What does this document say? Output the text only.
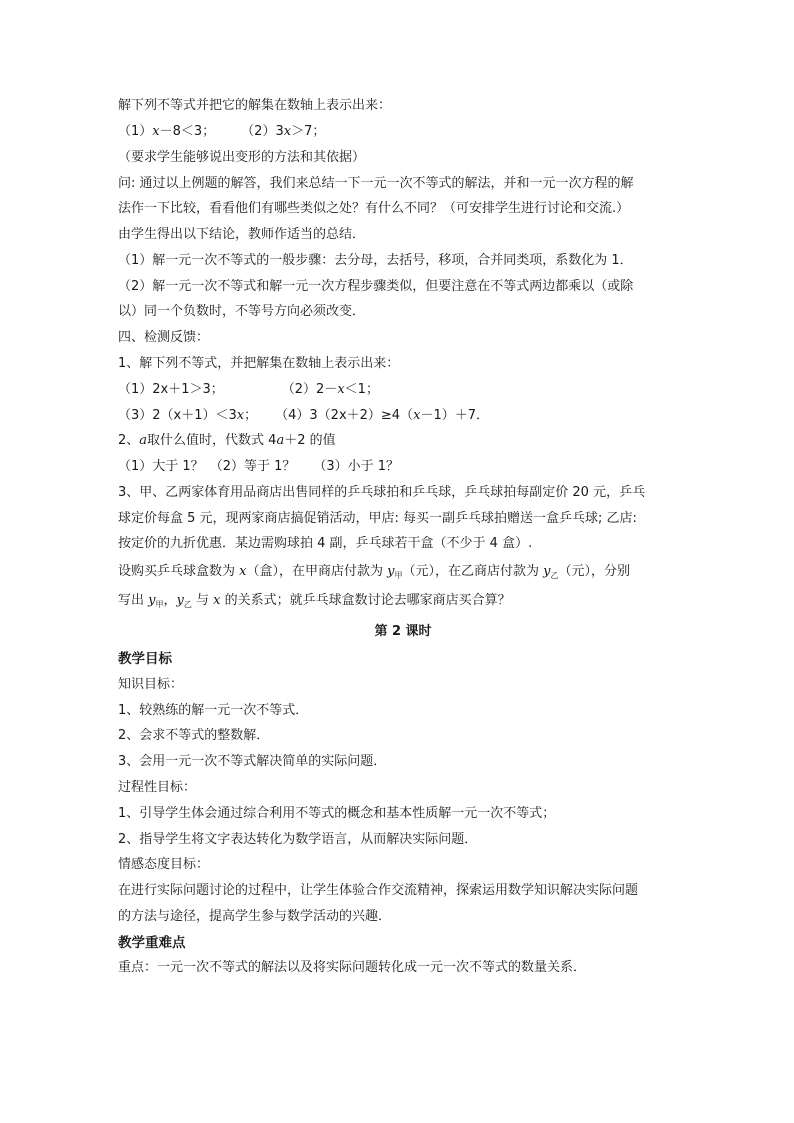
解下列不等式并把它的解集在数轴上表示出来：
（1）x－8＜3； （2）3x＞7；
（要求学生能够说出变形的方法和其依据）
问: 通过以上例题的解答，我们来总结一下一元一次不等式的解法，并和一元一次方程的解
法作一下比较，看看他们有哪些类似之处？有什么不同？（可安排学生进行讨论和交流.）
由学生得出以下结论，教师作适当的总结．
（1）解一元一次不等式的一般步骤：去分母，去括号，移项，合并同类项，系数化为 1．
（2）解一元一次不等式和解一元一次方程步骤类似，但要注意在不等式两边都乘以（或除
以）同一个负数时，不等号方向必须改变．
四、检测反馈：
1、解下列不等式，并把解集在数轴上表示出来：
（1）2x＋1＞3；	（2）2－x＜1；
（3）2（x＋1）＜3x； （4）3（2x＋2）≥4（x－1）＋7．
2、a取什么值时，代数式 4a＋2 的值
（1）大于 1？ （2）等于 1？ （3）小于 1？
3、甲、乙两家体育用品商店出售同样的乒乓球拍和乒乓球，乒乓球拍每副定价 20 元，乒乓
球定价每盒 5 元，现两家商店搞促销活动，甲店: 每买一副乒乓球拍赠送一盒乒乓球; 乙店:
按定价的九折优惠．某边需购球拍 4 副，乒乓球若干盒（不少于 4 盒）.
设购买乒乓球盒数为 x（盒），在甲商店付款为 $y_甲$（元），在乙商店付款为 $y_乙$（元），分别
写出 $y_甲$，$y_乙$ 与 x 的关系式；就乒乓球盒数讨论去哪家商店买合算？
第 2 课时
教学目标
知识目标：
1、较熟练的解一元一次不等式．
2、会求不等式的整数解．
3、会用一元一次不等式解决简单的实际问题．
过程性目标：
1、引导学生体会通过综合利用不等式的概念和基本性质解一元一次不等式；
2、指导学生将文字表达转化为数学语言，从而解决实际问题．
情感态度目标：
在进行实际问题讨论的过程中，让学生体验合作交流精神，探索运用数学知识解决实际问题
的方法与途径，提高学生参与数学活动的兴趣．
教学重难点
重点：一元一次不等式的解法以及将实际问题转化成一元一次不等式的数量关系．
